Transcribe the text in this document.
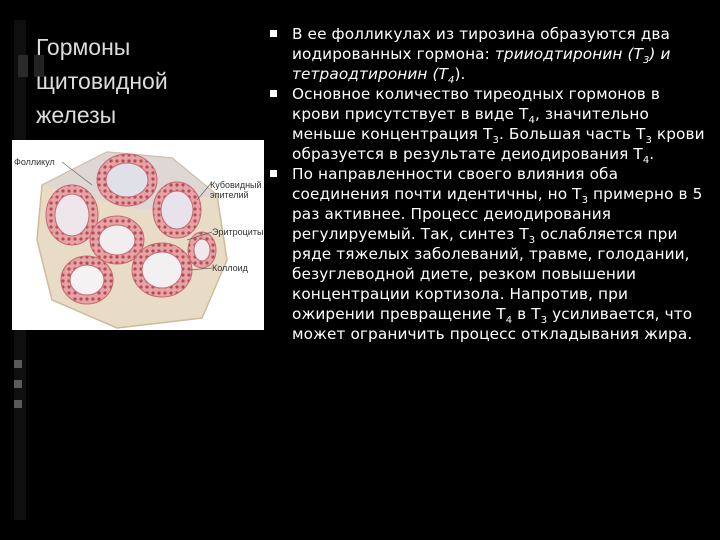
Гормоны щитовидной железы
Фолликул
Кубовидный
эпителий
Эритроциты
Коллоид

В ее фолликулах из тирозина образуются два иодированных гормона: трииодтиронин $(Т_3)$ и тетраодтиронин $(Т_4)$.

Основное количество тиреодных гормонов в крови присутствует в виде $Т_4$, значительно меньше концентрация $Т_3$. Большая часть $Т_3$ крови образуется в результате деиодирования $Т_4$.

По направленности своего влияния оба соединения почти идентичны, но $Т_3$ примерно в 5 раз активнее. Процесс деиодирования регулируемый. Так, синтез $Т_3$ ослабляется при ряде тяжелых заболеваний, травме, голодании, безуглеводной диете, резком повышении концентрации кортизола. Напротив, при ожирении превращение $Т_4$ в $Т_3$ усиливается, что может ограничить процесс откладывания жира.
